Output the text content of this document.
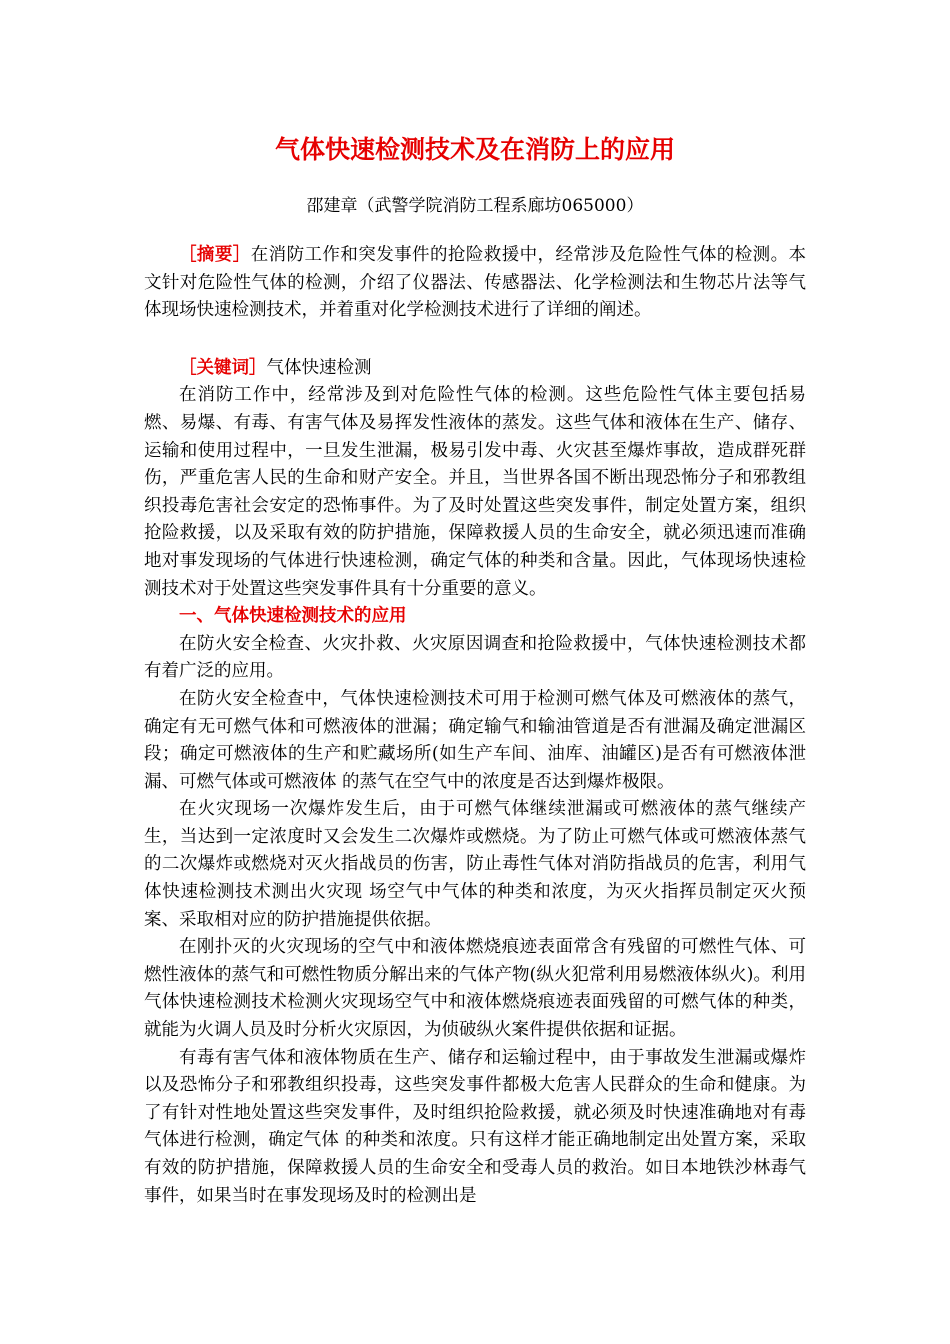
气体快速检测技术及在消防上的应用
邵建章（武警学院消防工程系廊坊065000）

［摘要］在消防工作和突发事件的抢险救援中，经常涉及危险性气体的检测。本文针对危险性气体的检测，介绍了仪器法、传感器法、化学检测法和生物芯片法等气体现场快速检测技术，并着重对化学检测技术进行了详细的阐述。

［关键词］气体快速检测

在消防工作中，经常涉及到对危险性气体的检测。这些危险性气体主要包括易燃、易爆、有毒、有害气体及易挥发性液体的蒸发。这些气体和液体在生产、储存、运输和使用过程中，一旦发生泄漏，极易引发中毒、火灾甚至爆炸事故，造成群死群伤，严重危害人民的生命和财产安全。并且，当世界各国不断出现恐怖分子和邪教组织投毒危害社会安定的恐怖事件。为了及时处置这些突发事件，制定处置方案，组织抢险救援，以及采取有效的防护措施，保障救援人员的生命安全，就必须迅速而准确地对事发现场的气体进行快速检测，确定气体的种类和含量。因此，气体现场快速检测技术对于处置这些突发事件具有十分重要的意义。

一、气体快速检测技术的应用

在防火安全检查、火灾扑救、火灾原因调查和抢险救援中，气体快速检测技术都有着广泛的应用。

在防火安全检查中，气体快速检测技术可用于检测可燃气体及可燃液体的蒸气，确定有无可燃气体和可燃液体的泄漏；确定输气和输油管道是否有泄漏及确定泄漏区段；确定可燃液体的生产和贮藏场所(如生产车间、油库、油罐区)是否有可燃液体泄漏、可燃气体或可燃液体 的蒸气在空气中的浓度是否达到爆炸极限。

在火灾现场一次爆炸发生后，由于可燃气体继续泄漏或可燃液体的蒸气继续产生，当达到一定浓度时又会发生二次爆炸或燃烧。为了防止可燃气体或可燃液体蒸气的二次爆炸或燃烧对灭火指战员的伤害，防止毒性气体对消防指战员的危害，利用气体快速检测技术测出火灾现 场空气中气体的种类和浓度，为灭火指挥员制定灭火预案、采取相对应的防护措施提供依据。

在刚扑灭的火灾现场的空气中和液体燃烧痕迹表面常含有残留的可燃性气体、可燃性液体的蒸气和可燃性物质分解出来的气体产物(纵火犯常利用易燃液体纵火)。利用气体快速检测技术检测火灾现场空气中和液体燃烧痕迹表面残留的可燃气体的种类，就能为火调人员及时分析火灾原因，为侦破纵火案件提供依据和证据。

有毒有害气体和液体物质在生产、储存和运输过程中，由于事故发生泄漏或爆炸以及恐怖分子和邪教组织投毒，这些突发事件都极大危害人民群众的生命和健康。为了有针对性地处置这些突发事件，及时组织抢险救援，就必须及时快速准确地对有毒气体进行检测，确定气体 的种类和浓度。只有这样才能正确地制定出处置方案，采取有效的防护措施，保障救援人员的生命安全和受毒人员的救治。如日本地铁沙林毒气事件，如果当时在事发现场及时的检测出是
